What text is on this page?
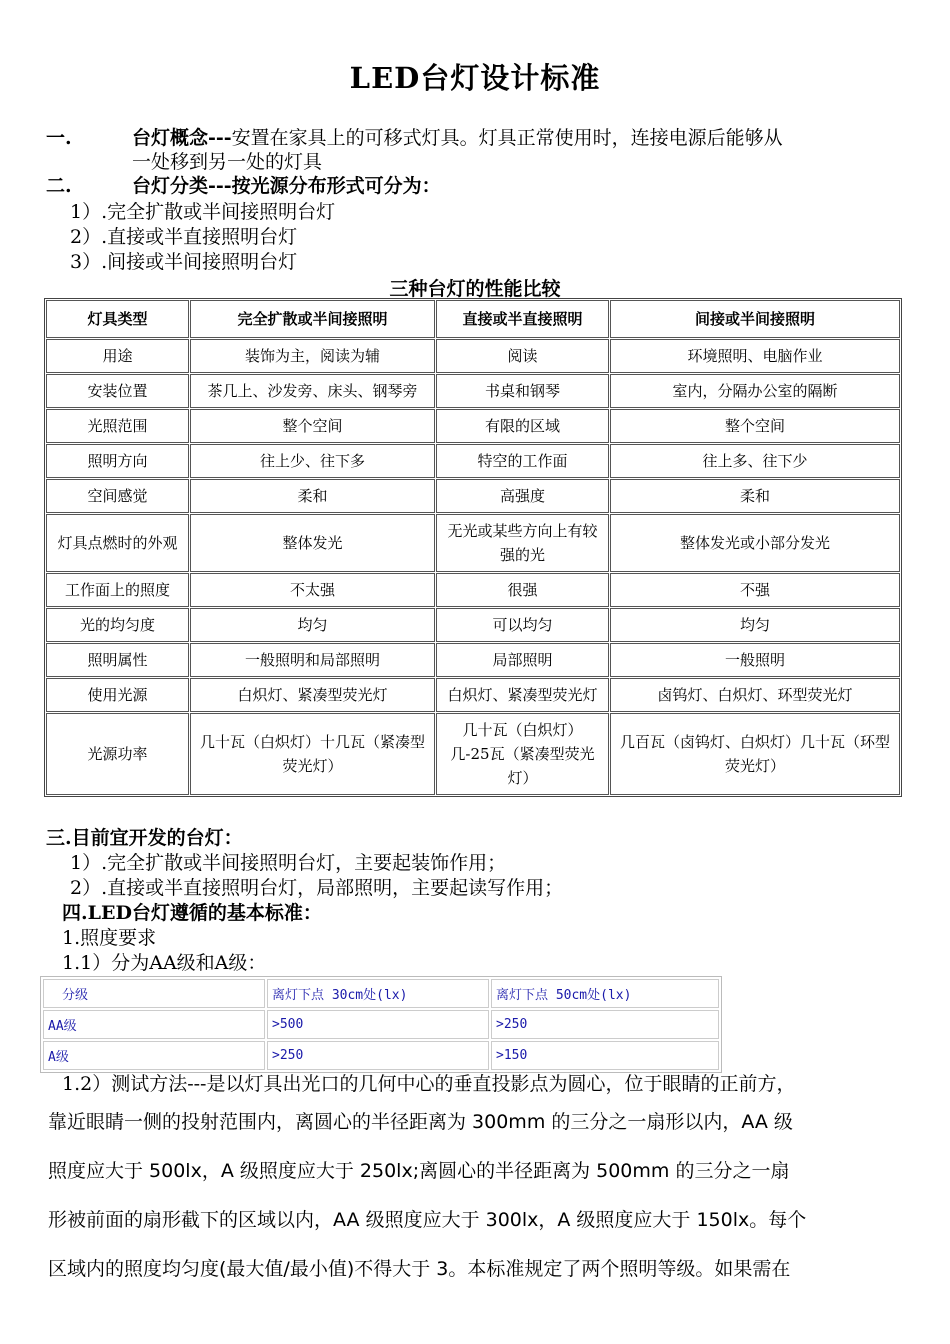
LED台灯设计标准
一.	台灯概念---安置在家具上的可移式灯具。灯具正常使用时，连接电源后能够从
一处移到另一处的灯具
二.	台灯分类---按光源分布形式可分为：
1）.完全扩散或半间接照明台灯
2）.直接或半直接照明台灯
3）.间接或半间接照明台灯
三种台灯的性能比较
灯具类型	完全扩散或半间接照明	直接或半直接照明	间接或半间接照明
用途	装饰为主，阅读为辅	阅读	环境照明、电脑作业
安装位置	茶几上、沙发旁、床头、钢琴旁	书桌和钢琴	室内，分隔办公室的隔断
光照范围	整个空间	有限的区域	整个空间
照明方向	往上少、往下多	特空的工作面	往上多、往下少
空间感觉	柔和	高强度	柔和
灯具点燃时的外观	整体发光	无光或某些方向上有较强的光	整体发光或小部分发光
工作面上的照度	不太强	很强	不强
光的均匀度	均匀	可以均匀	均匀
照明属性	一般照明和局部照明	局部照明	一般照明
使用光源	白炽灯、紧凑型荧光灯	白炽灯、紧凑型荧光灯	卤钨灯、白炽灯、环型荧光灯
光源功率	几十瓦（白炽灯）十几瓦（紧凑型荧光灯）	几十瓦（白炽灯）几-25瓦（紧凑型荧光灯）	几百瓦（卤钨灯、白炽灯）几十瓦（环型荧光灯）
三.目前宜开发的台灯：
1）.完全扩散或半间接照明台灯，主要起装饰作用；
2）.直接或半直接照明台灯，局部照明，主要起读写作用；
四.LED台灯遵循的基本标准：
1.照度要求
1.1）分为AA级和A级：
分级	离灯下点 30cm处(lx)	离灯下点 50cm处(lx)
AA级	>500	>250
A级	>250	>150
1.2）测试方法---是以灯具出光口的几何中心的垂直投影点为圆心，位于眼睛的正前方，
靠近眼睛一侧的投射范围内，离圆心的半径距离为 300mm 的三分之一扇形以内，AA 级
照度应大于 500lx，A 级照度应大于 250lx;离圆心的半径距离为 500mm 的三分之一扇
形被前面的扇形截下的区域以内，AA 级照度应大于 300lx，A 级照度应大于 150lx。每个
区域内的照度均匀度(最大值/最小值)不得大于 3。本标准规定了两个照明等级。如果需在
